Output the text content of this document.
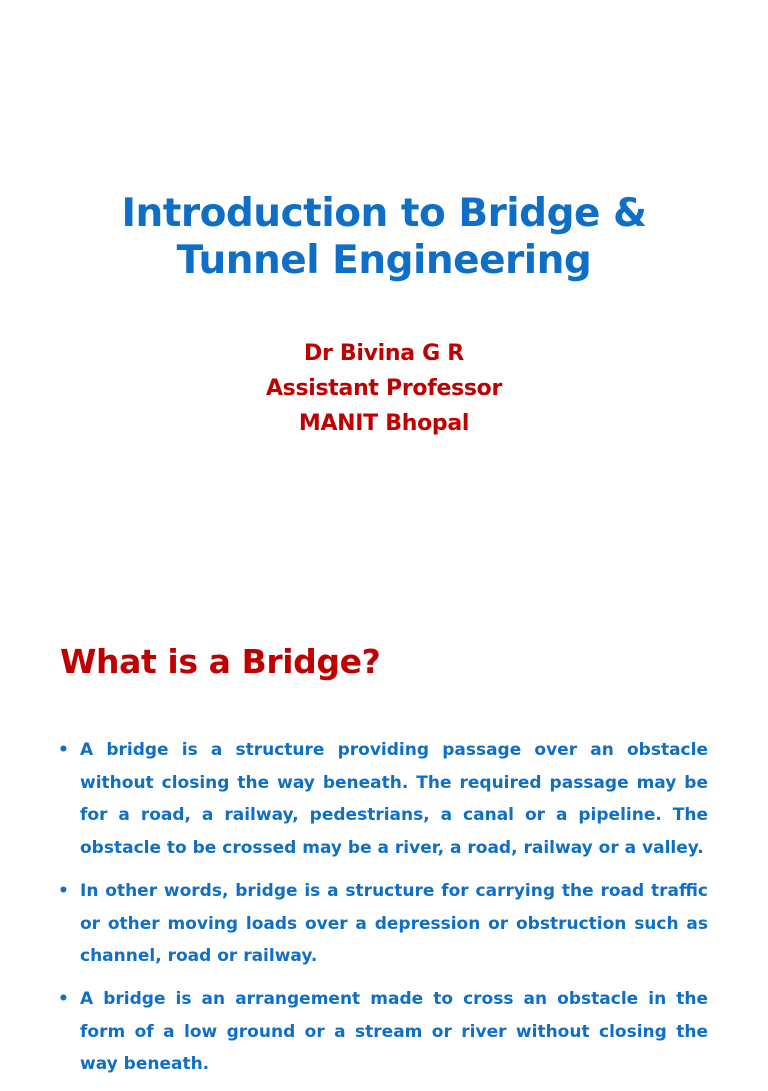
Introduction to Bridge &
Tunnel Engineering
Dr Bivina G R
Assistant Professor
MANIT Bhopal
What is a Bridge?
• A bridge is a structure providing passage over an obstacle without closing the way beneath. The required passage may be for a road, a railway, pedestrians, a canal or a pipeline. The obstacle to be crossed may be a river, a road, railway or a valley.
• In other words, bridge is a structure for carrying the road traffic or other moving loads over a depression or obstruction such as channel, road or railway.
• A bridge is an arrangement made to cross an obstacle in the form of a low ground or a stream or river without closing the way beneath.
